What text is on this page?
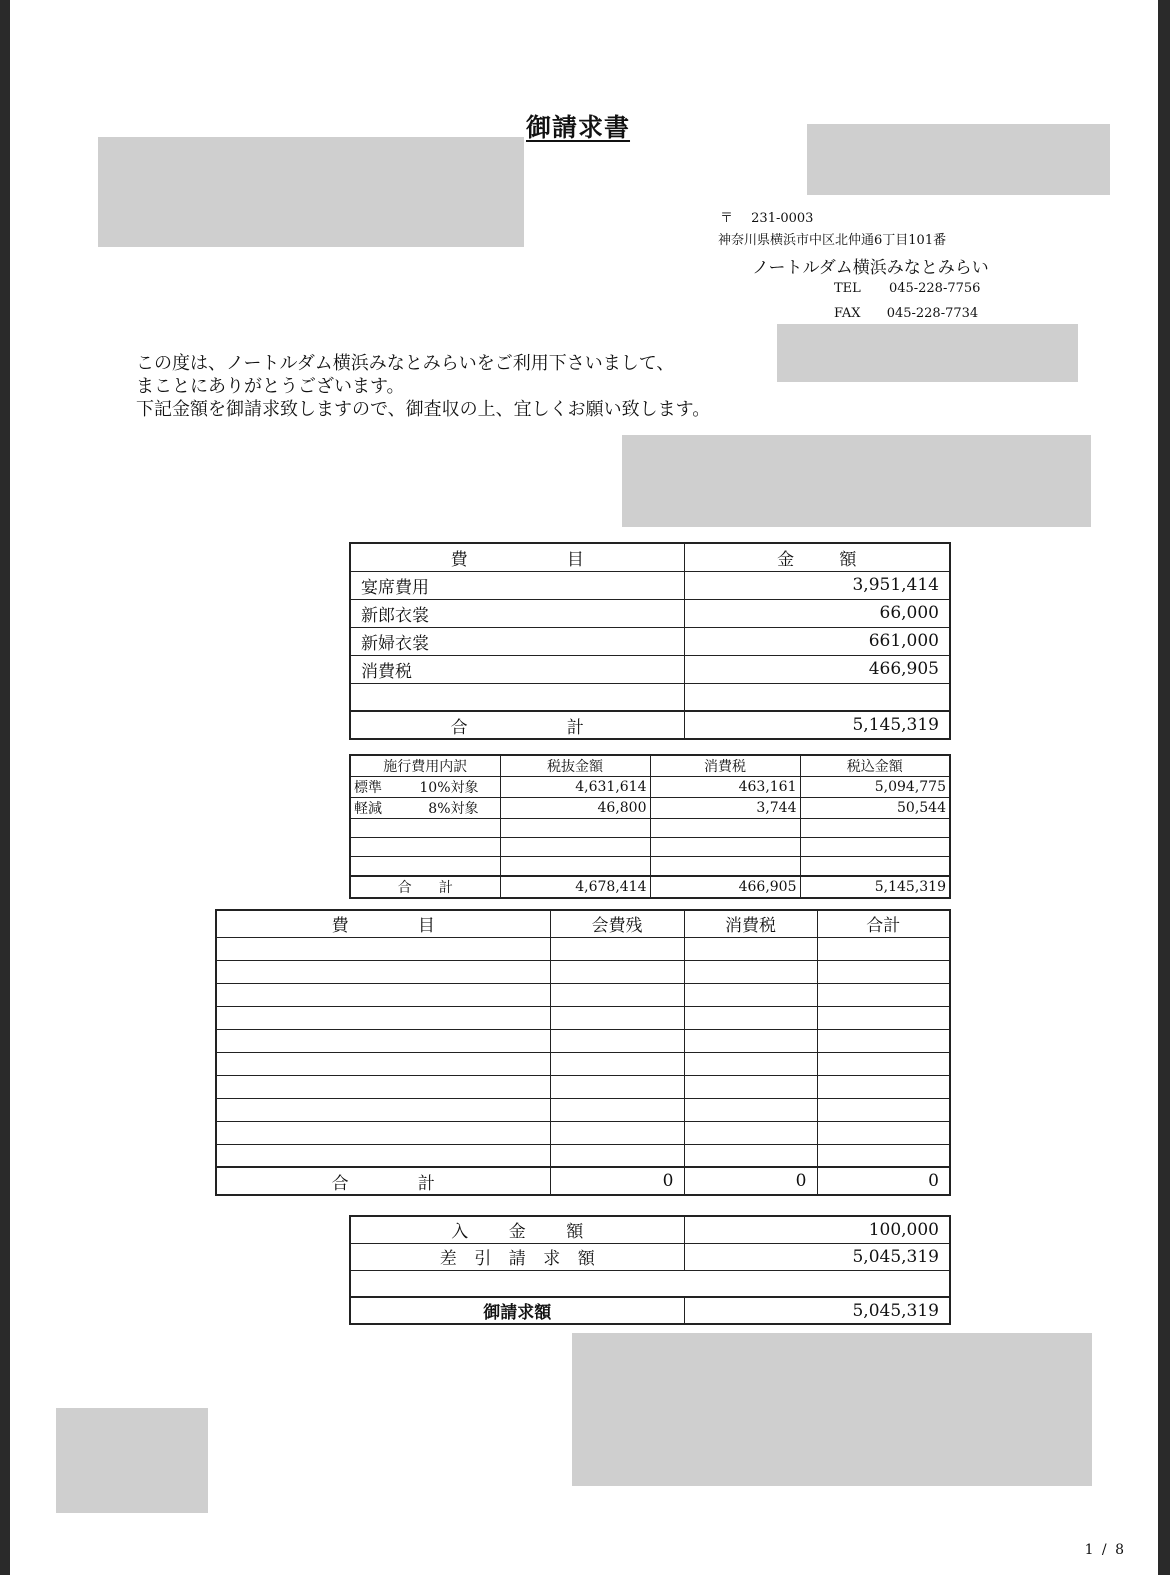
御請求書
〒 231-0003
神奈川県横浜市中区北仲通6丁目101番
ノートルダム横浜みなとみらい
TEL 045-228-7756
FAX 045-228-7734
この度は、ノートルダム横浜みなとみらいをご利用下さいまして、
まことにありがとうございます。
下記金額を御請求致しますので、御査収の上、宜しくお願い致します。
費 目	金 額

宴席費用	3,951,414
新郎衣裳	66,000
新婦衣裳	661,000
消費税	466,905

合 計	5,145,319
施行費用内訳	税抜金額	消費税	税込金額

標準 10%対象	4,631,614	463,161	5,094,775

軽減 8%対象	46,800	3,744	50,544

合 計	4,678,414	466,905	5,145,319
費 目	会費残	消費税	合計

合 計	0	0	0
入 金 額	100,000

差 引 請 求 額	5,045,319

御請求額	5,045,319
1 / 8
